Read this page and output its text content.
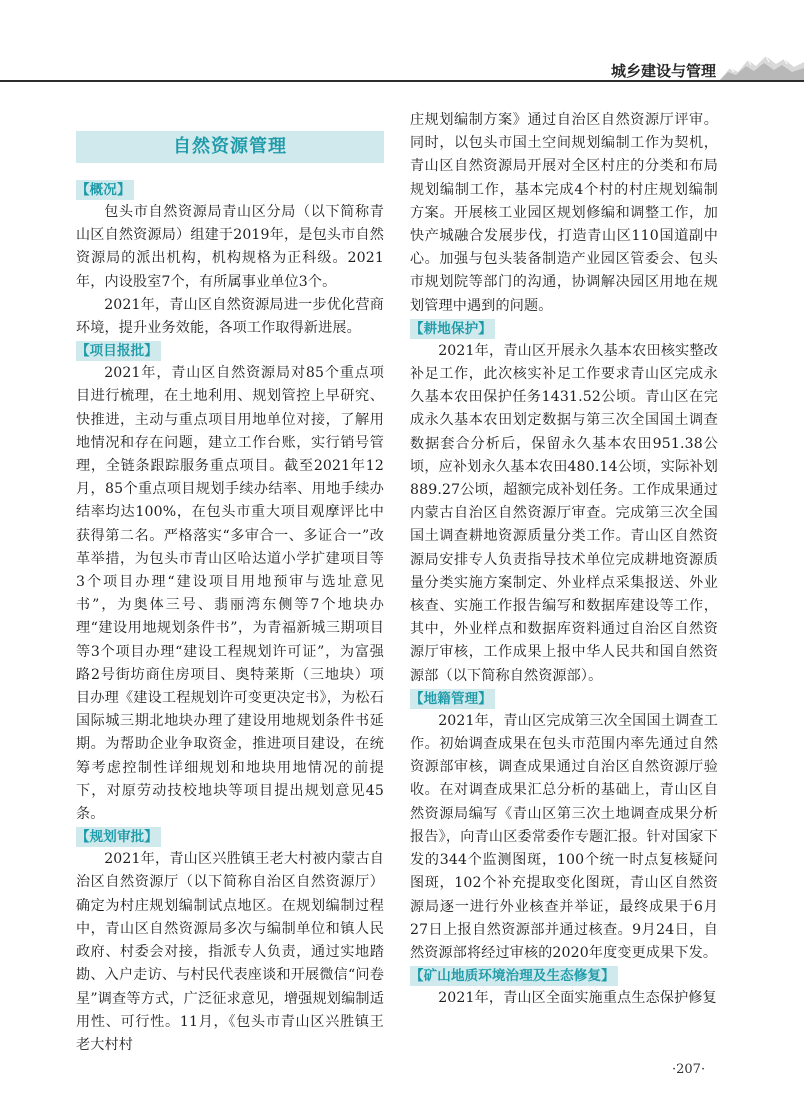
城乡建设与管理
自然资源管理
【概况】

包头市自然资源局青山区分局（以下简称青山区自然资源局）组建于2019年，是包头市自然资源局的派出机构，机构规格为正科级。2021年，内设股室7个，有所属事业单位3个。

2021年，青山区自然资源局进一步优化营商环境，提升业务效能，各项工作取得新进展。

【项目报批】

2021年，青山区自然资源局对85个重点项目进行梳理，在土地利用、规划管控上早研究、快推进，主动与重点项目用地单位对接，了解用地情况和存在问题，建立工作台账，实行销号管理，全链条跟踪服务重点项目。截至2021年12月，85个重点项目规划手续办结率、用地手续办结率均达100%，在包头市重大项目观摩评比中获得第二名。严格落实“多审合一、多证合一”改革举措，为包头市青山区哈达道小学扩建项目等3个项目办理“建设项目用地预审与选址意见书”，为奥体三号、翡丽湾东侧等7个地块办理“建设用地规划条件书”，为青福新城三期项目等3个项目办理“建设工程规划许可证”，为富强路2号街坊商住房项目、奥特莱斯（三地块）项目办理《建设工程规划许可变更决定书》，为松石国际城三期北地块办理了建设用地规划条件书延期。为帮助企业争取资金，推进项目建设，在统筹考虑控制性详细规划和地块用地情况的前提下，对原劳动技校地块等项目提出规划意见45条。

【规划审批】

2021年，青山区兴胜镇王老大村被内蒙古自治区自然资源厅（以下简称自治区自然资源厅）确定为村庄规划编制试点地区。在规划编制过程中，青山区自然资源局多次与编制单位和镇人民政府、村委会对接，指派专人负责，通过实地踏勘、入户走访、与村民代表座谈和开展微信“问卷星”调查等方式，广泛征求意见，增强规划编制适用性、可行性。11月，《包头市青山区兴胜镇王老大村村

庄规划编制方案》通过自治区自然资源厅评审。同时，以包头市国土空间规划编制工作为契机，青山区自然资源局开展对全区村庄的分类和布局规划编制工作，基本完成4个村的村庄规划编制方案。开展核工业园区规划修编和调整工作，加快产城融合发展步伐，打造青山区110国道副中心。加强与包头装备制造产业园区管委会、包头市规划院等部门的沟通，协调解决园区用地在规划管理中遇到的问题。

【耕地保护】

2021年，青山区开展永久基本农田核实整改补足工作，此次核实补足工作要求青山区完成永久基本农田保护任务1431.52公顷。青山区在完成永久基本农田划定数据与第三次全国国土调查数据套合分析后，保留永久基本农田951.38公顷，应补划永久基本农田480.14公顷，实际补划889.27公顷，超额完成补划任务。工作成果通过内蒙古自治区自然资源厅审查。完成第三次全国国土调查耕地资源质量分类工作。青山区自然资源局安排专人负责指导技术单位完成耕地资源质量分类实施方案制定、外业样点采集报送、外业核查、实施工作报告编写和数据库建设等工作，其中，外业样点和数据库资料通过自治区自然资源厅审核，工作成果上报中华人民共和国自然资源部（以下简称自然资源部）。

【地籍管理】

2021年，青山区完成第三次全国国土调查工作。初始调查成果在包头市范围内率先通过自然资源部审核，调查成果通过自治区自然资源厅验收。在对调查成果汇总分析的基础上，青山区自然资源局编写《青山区第三次土地调查成果分析报告》，向青山区委常委作专题汇报。针对国家下发的344个监测图斑，100个统一时点复核疑问图斑，102个补充提取变化图斑，青山区自然资源局逐一进行外业核查并举证，最终成果于6月27日上报自然资源部并通过核查。9月24日，自然资源部将经过审核的2020年度变更成果下发。

【矿山地质环境治理及生态修复】

2021年，青山区全面实施重点生态保护修复

·207·
